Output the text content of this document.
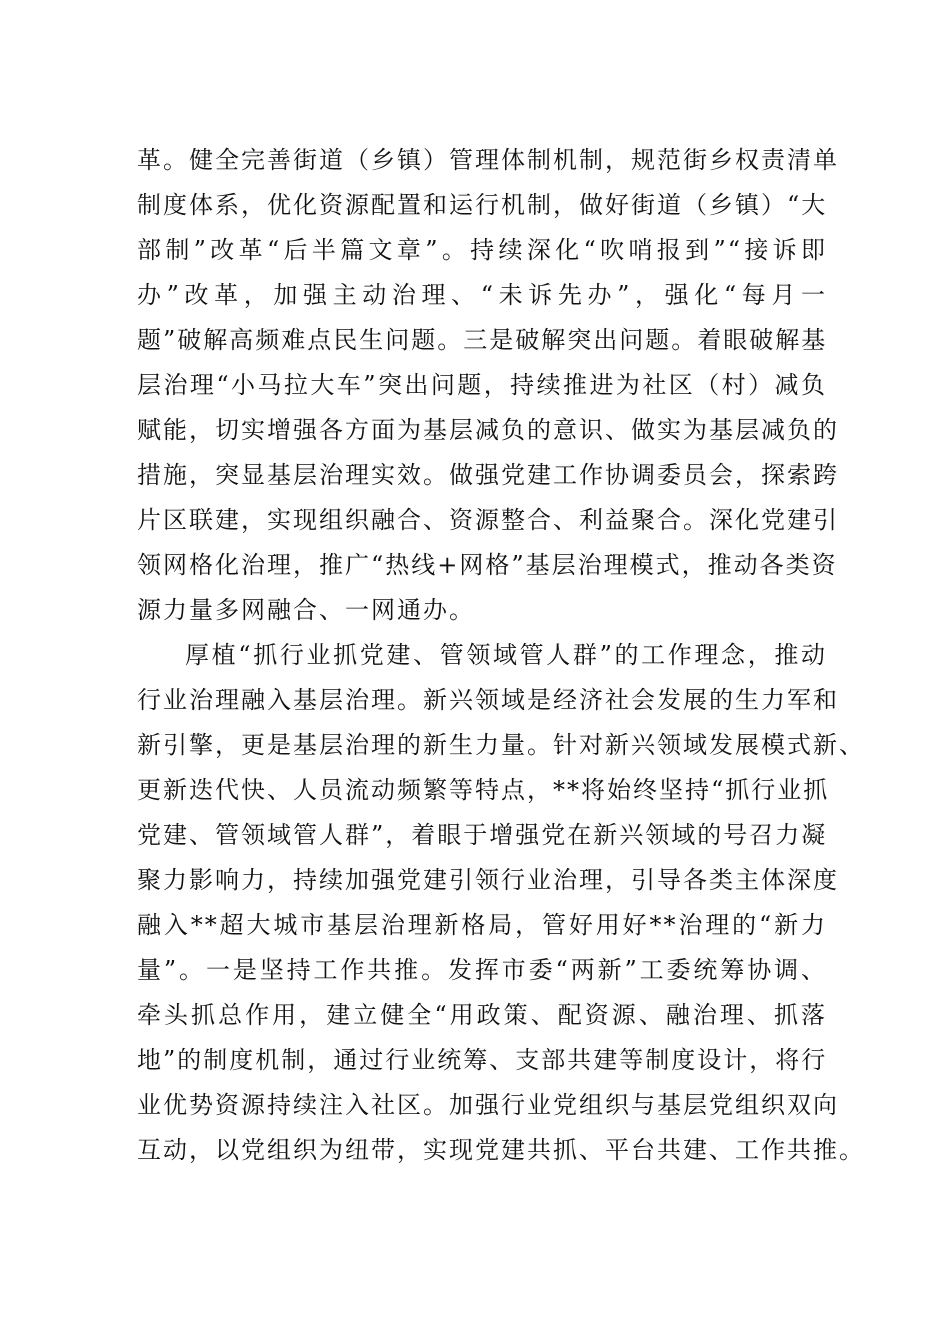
革。健全完善街道（乡镇）管理体制机制，规范街乡权责清单
制度体系，优化资源配置和运行机制，做好街道（乡镇）“大
部制”改革“后半篇文章”。持续深化“吹哨报到”“接诉即
办”改革，加强主动治理、“未诉先办”，强化“每月一
题”破解高频难点民生问题。三是破解突出问题。着眼破解基
层治理“小马拉大车”突出问题，持续推进为社区（村）减负
赋能，切实增强各方面为基层减负的意识、做实为基层减负的
措施，突显基层治理实效。做强党建工作协调委员会，探索跨
片区联建，实现组织融合、资源整合、利益聚合。深化党建引
领网格化治理，推广“热线+网格”基层治理模式，推动各类资
源力量多网融合、一网通办。
厚植“抓行业抓党建、管领域管人群”的工作理念，推动
行业治理融入基层治理。新兴领域是经济社会发展的生力军和
新引擎，更是基层治理的新生力量。针对新兴领域发展模式新、
更新迭代快、人员流动频繁等特点，**将始终坚持“抓行业抓
党建、管领域管人群”，着眼于增强党在新兴领域的号召力凝
聚力影响力，持续加强党建引领行业治理，引导各类主体深度
融入**超大城市基层治理新格局，管好用好**治理的“新力
量”。一是坚持工作共推。发挥市委“两新”工委统筹协调、
牵头抓总作用，建立健全“用政策、配资源、融治理、抓落
地”的制度机制，通过行业统筹、支部共建等制度设计，将行
业优势资源持续注入社区。加强行业党组织与基层党组织双向
互动，以党组织为纽带，实现党建共抓、平台共建、工作共推。
